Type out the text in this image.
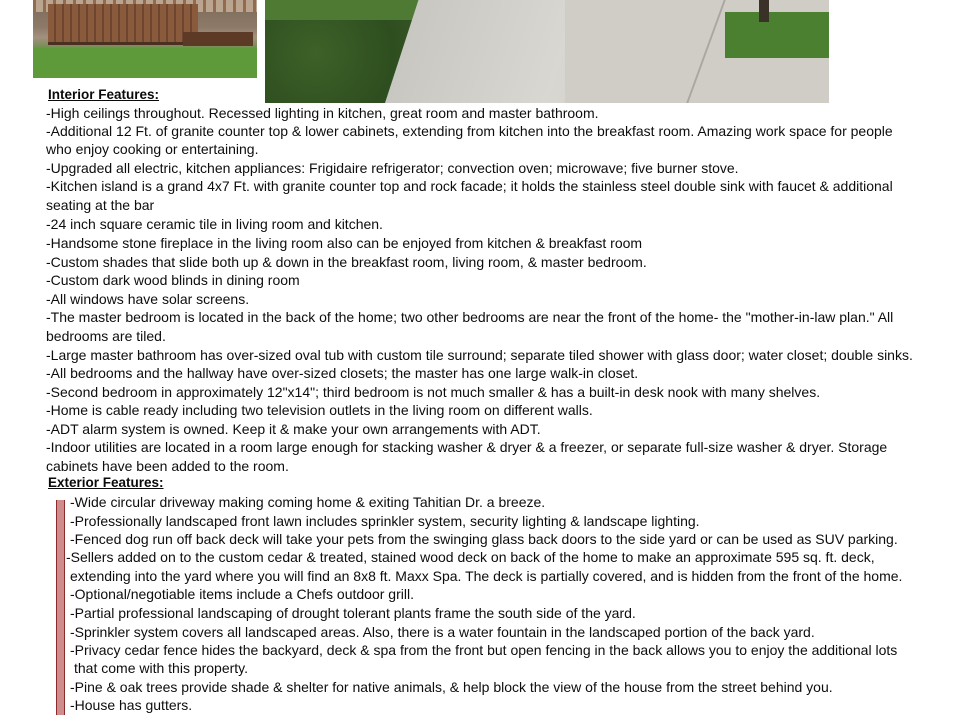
Interior Features:
-High ceilings throughout. Recessed lighting in kitchen, great room and master bathroom.
-Additional 12 Ft. of granite counter top & lower cabinets, extending from kitchen into the breakfast room. Amazing work space for people
who enjoy cooking or entertaining.
-Upgraded all electric, kitchen appliances: Frigidaire refrigerator; convection oven; microwave; five burner stove.
-Kitchen island is a grand 4x7 Ft. with granite counter top and rock facade; it holds the stainless steel double sink with faucet & additional
seating at the bar
-24 inch square ceramic tile in living room and kitchen.
-Handsome stone fireplace in the living room also can be enjoyed from kitchen & breakfast room
-Custom shades that slide both up & down in the breakfast room, living room, & master bedroom.
-Custom dark wood blinds in dining room
-All windows have solar screens.
-The master bedroom is located in the back of the home; two other bedrooms are near the front of the home- the "mother-in-law plan." All
bedrooms are tiled.
-Large master bathroom has over-sized oval tub with custom tile surround; separate tiled shower with glass door; water closet; double sinks.
-All bedrooms and the hallway have over-sized closets; the master has one large walk-in closet.
-Second bedroom in approximately 12"x14"; third bedroom is not much smaller & has a built-in desk nook with many shelves.
-Home is cable ready including two television outlets in the living room on different walls.
-ADT alarm system is owned. Keep it & make your own arrangements with ADT.
-Indoor utilities are located in a room large enough for stacking washer & dryer & a freezer, or separate full-size washer & dryer. Storage
cabinets have been added to the room.
Exterior Features:
-Wide circular driveway making coming home & exiting Tahitian Dr. a breeze.
-Professionally landscaped front lawn includes sprinkler system, security lighting & landscape lighting.
-Fenced dog run off back deck will take your pets from the swinging glass back doors to the side yard or can be used as SUV parking.
-Sellers added on to the custom cedar & treated, stained wood deck on back of the home to make an approximate 595 sq. ft. deck,
extending into the yard where you will find an 8x8 ft. Maxx Spa. The deck is partially covered, and is hidden from the front of the home.
-Optional/negotiable items include a Chefs outdoor grill.
-Partial professional landscaping of drought tolerant plants frame the south side of the yard.
-Sprinkler system covers all landscaped areas. Also, there is a water fountain in the landscaped portion of the back yard.
-Privacy cedar fence hides the backyard, deck & spa from the front but open fencing in the back allows you to enjoy the additional lots
that come with this property.
-Pine & oak trees provide shade & shelter for native animals, & help block the view of the house from the street behind you.
-House has gutters.
